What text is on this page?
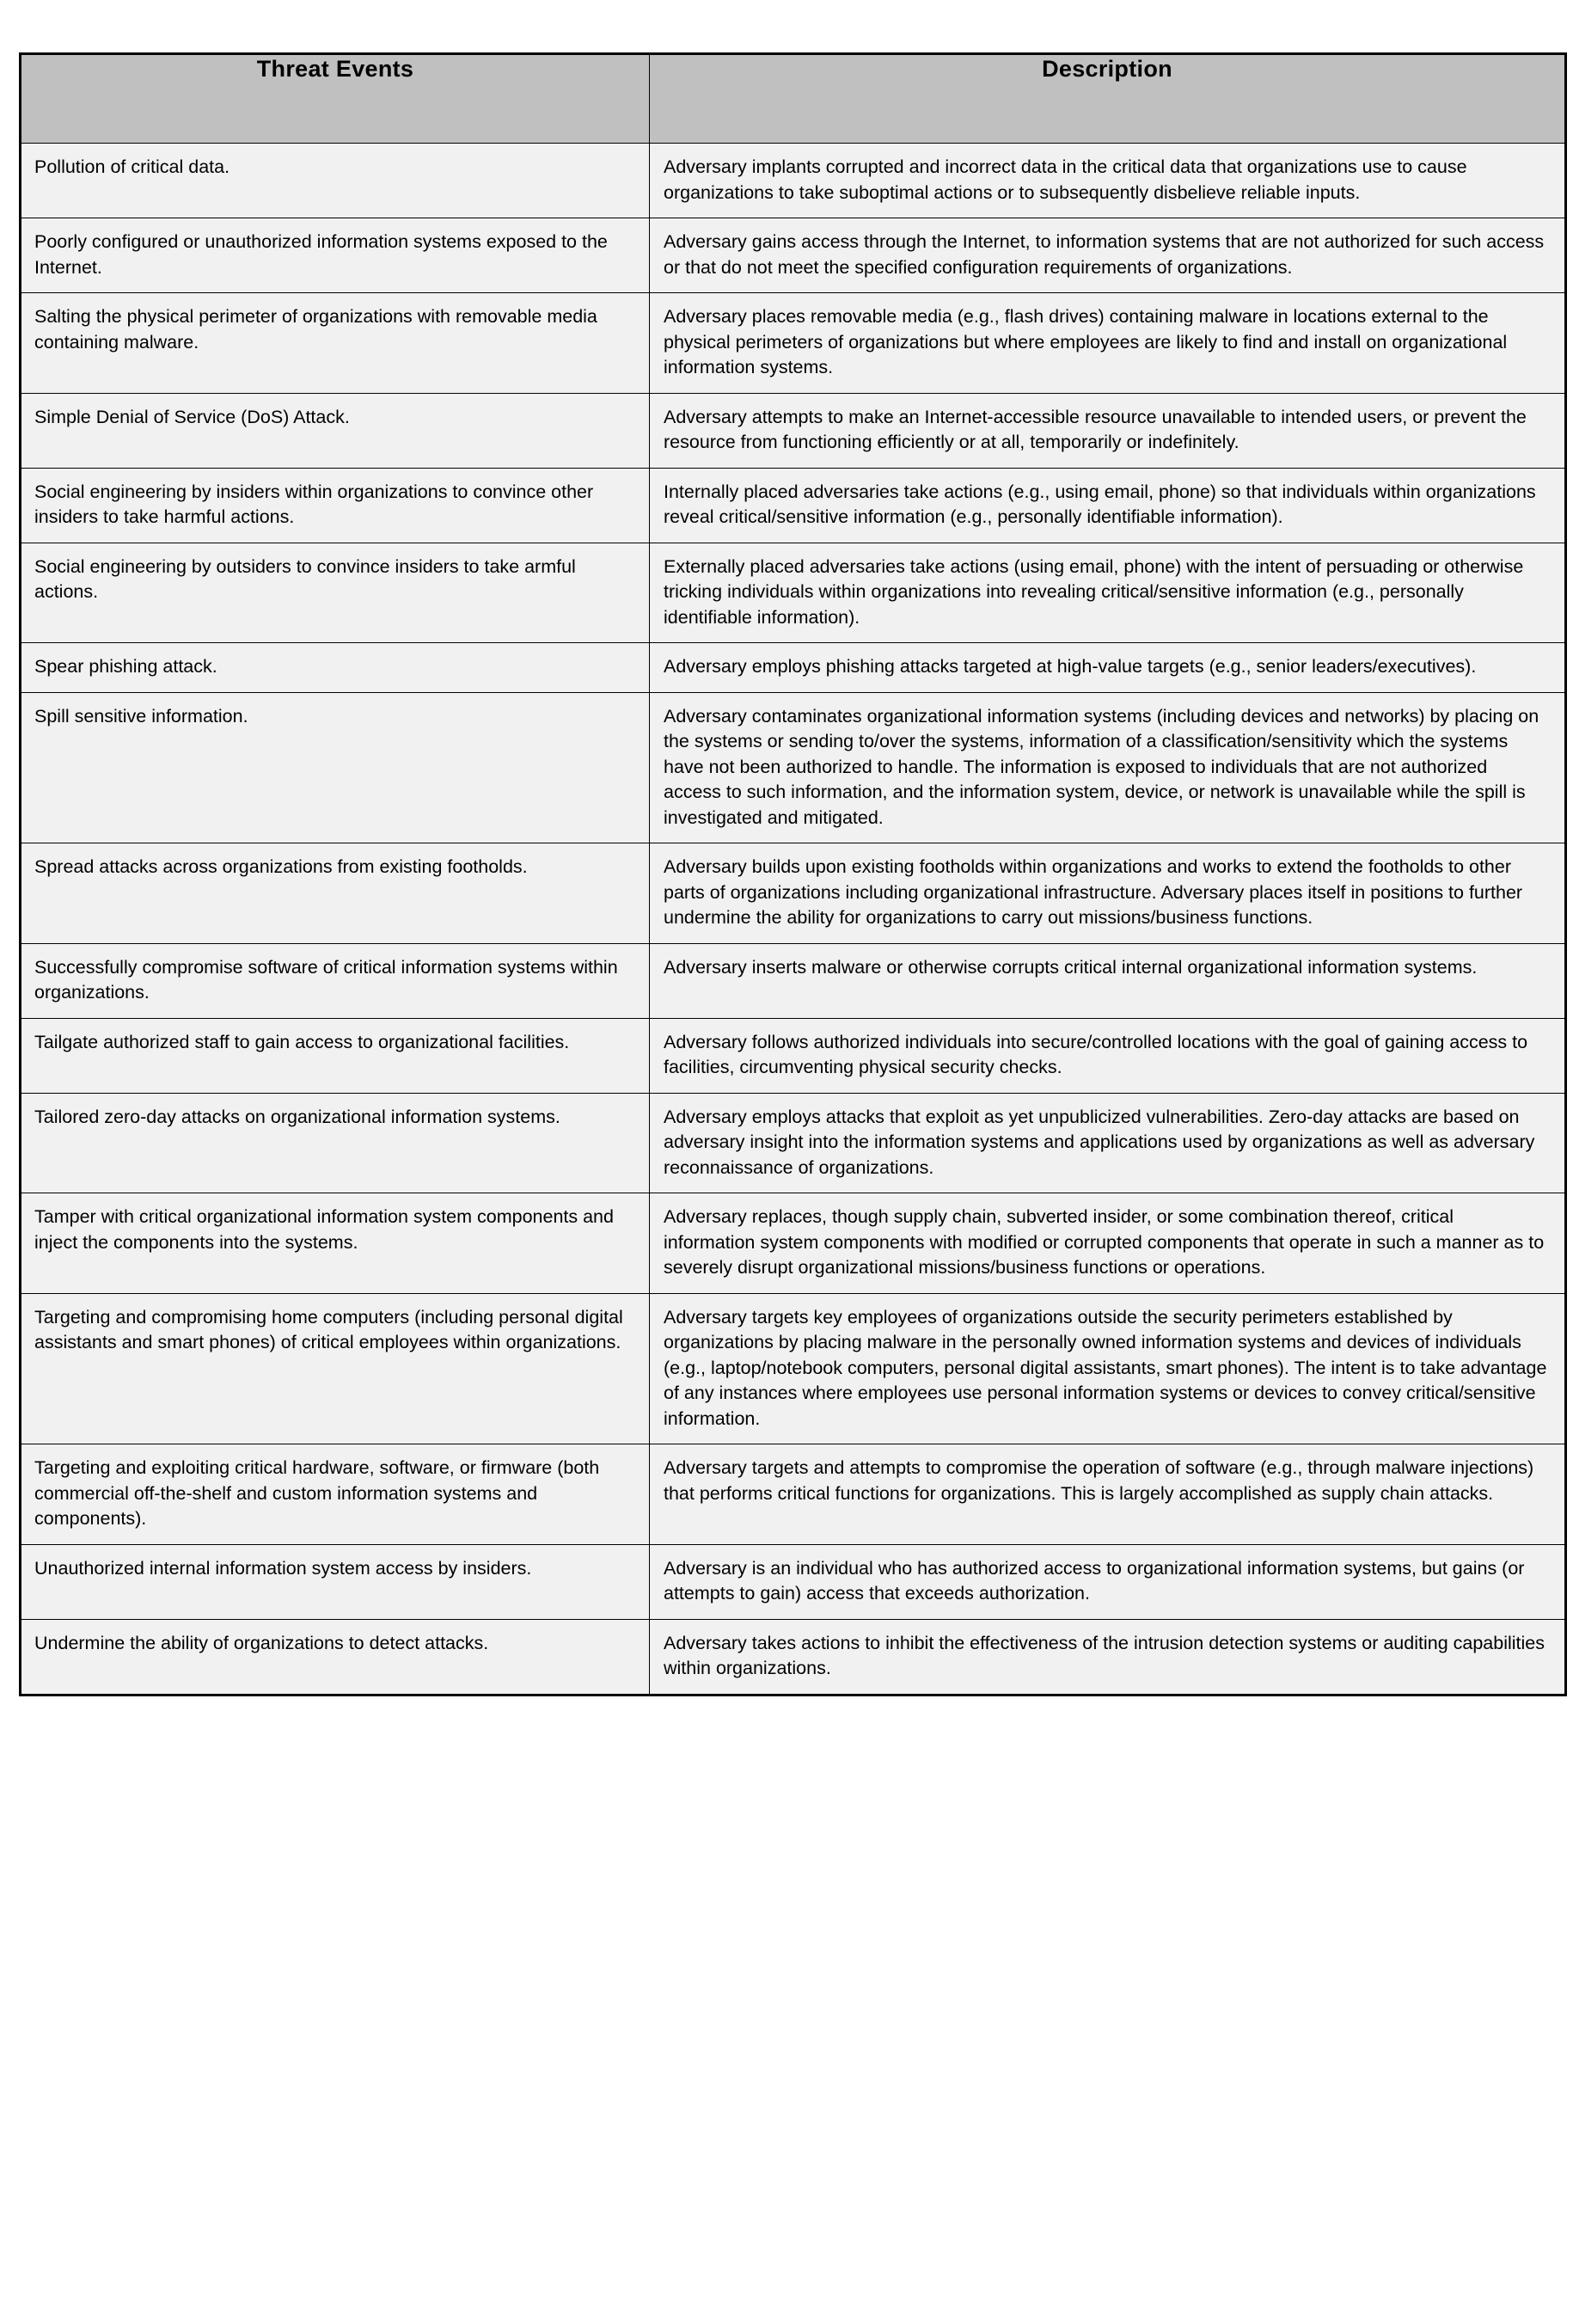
Threat Events	Description

Pollution of critical data.	Adversary implants corrupted and incorrect data in the critical data that organizations use to cause organizations to take suboptimal actions or to subsequently disbelieve reliable inputs.

Poorly configured or unauthorized information systems exposed to the Internet.	Adversary gains access through the Internet, to information systems that are not authorized for such access or that do not meet the specified configuration requirements of organizations.

Salting the physical perimeter of organizations with removable media containing malware.	Adversary places removable media (e.g., flash drives) containing malware in locations external to the physical perimeters of organizations but where employees are likely to find and install on organizational information systems.

Simple Denial of Service (DoS) Attack.	Adversary attempts to make an Internet-accessible resource unavailable to intended users, or prevent the resource from functioning efficiently or at all, temporarily or indefinitely.

Social engineering by insiders within organizations to convince other insiders to take harmful actions.	Internally placed adversaries take actions (e.g., using email, phone) so that individuals within organizations reveal critical/sensitive information (e.g., personally identifiable information).

Social engineering by outsiders to convince insiders to take armful actions.	Externally placed adversaries take actions (using email, phone) with the intent of persuading or otherwise tricking individuals within organizations into revealing critical/sensitive information (e.g., personally identifiable information).

Spear phishing attack.	Adversary employs phishing attacks targeted at high-value targets (e.g., senior leaders/executives).

Spill sensitive information.	Adversary contaminates organizational information systems (including devices and networks) by placing on the systems or sending to/over the systems, information of a classification/sensitivity which the systems have not been authorized to handle. The information is exposed to individuals that are not authorized access to such information, and the information system, device, or network is unavailable while the spill is investigated and mitigated.

Spread attacks across organizations from existing footholds.	Adversary builds upon existing footholds within organizations and works to extend the footholds to other parts of organizations including organizational infrastructure. Adversary places itself in positions to further undermine the ability for organizations to carry out missions/business functions.

Successfully compromise software of critical information systems within organizations.	Adversary inserts malware or otherwise corrupts critical internal organizational information systems.

Tailgate authorized staff to gain access to organizational facilities.	Adversary follows authorized individuals into secure/controlled locations with the goal of gaining access to facilities, circumventing physical security checks.

Tailored zero-day attacks on organizational information systems.	Adversary employs attacks that exploit as yet unpublicized vulnerabilities. Zero-day attacks are based on adversary insight into the information systems and applications used by organizations as well as adversary reconnaissance of organizations.

Tamper with critical organizational information system components and inject the components into the systems.	Adversary replaces, though supply chain, subverted insider, or some combination thereof, critical information system components with modified or corrupted components that operate in such a manner as to severely disrupt organizational missions/business functions or operations.

Targeting and compromising home computers (including personal digital assistants and smart phones) of critical employees within organizations.	Adversary targets key employees of organizations outside the security perimeters established by organizations by placing malware in the personally owned information systems and devices of individuals (e.g., laptop/notebook computers, personal digital assistants, smart phones). The intent is to take advantage of any instances where employees use personal information systems or devices to convey critical/sensitive information.

Targeting and exploiting critical hardware, software, or firmware (both commercial off-the-shelf and custom information systems and components).	Adversary targets and attempts to compromise the operation of software (e.g., through malware injections) that performs critical functions for organizations. This is largely accomplished as supply chain attacks.

Unauthorized internal information system access by insiders.	Adversary is an individual who has authorized access to organizational information systems, but gains (or attempts to gain) access that exceeds authorization.

Undermine the ability of organizations to detect attacks.	Adversary takes actions to inhibit the effectiveness of the intrusion detection systems or auditing capabilities within organizations.
